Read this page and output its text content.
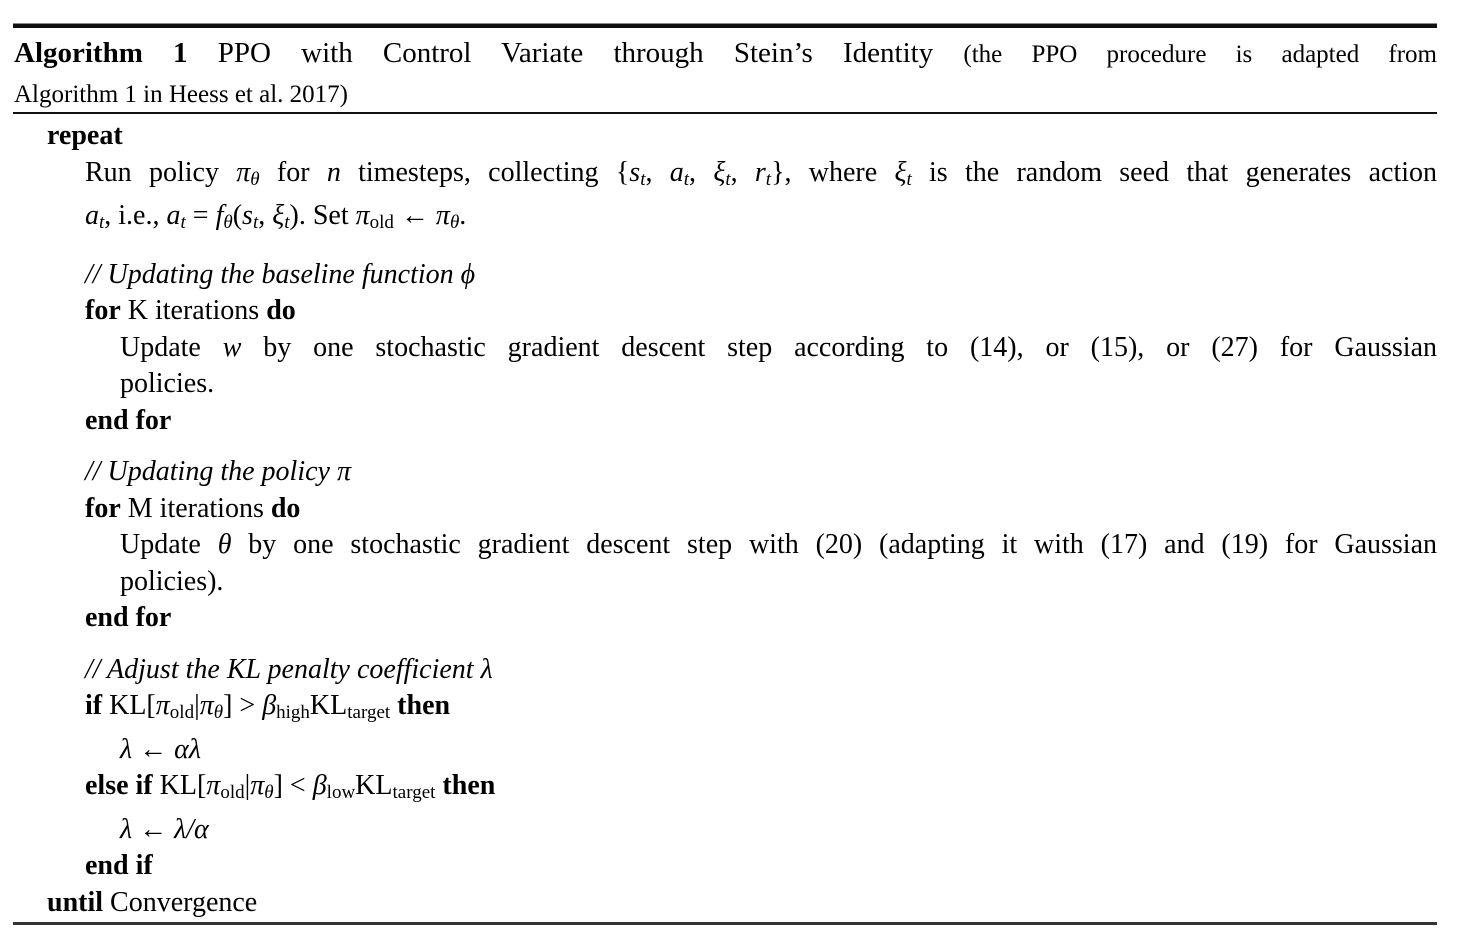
Algorithm 1 PPO with Control Variate through Stein’s Identity (the PPO procedure is adapted from
Algorithm 1 in Heess et al. 2017)
repeat
Run policy πθ for n timesteps, collecting {st, at, ξt, rt}, where ξt is the random seed that generates action
at, i.e., at = fθ(st, ξt). Set πold ← πθ.
// Updating the baseline function ϕ
for K iterations do
Update w by one stochastic gradient descent step according to (14), or (15), or (27) for Gaussian
policies.
end for
// Updating the policy π
for M iterations do
Update θ by one stochastic gradient descent step with (20) (adapting it with (17) and (19) for Gaussian
policies).
end for
// Adjust the KL penalty coefficient λ
if KL[πold|πθ] > βhighKLtarget then
λ ← αλ
else if KL[πold|πθ] < βlowKLtarget then
λ ← λ/α
end if
until Convergence
